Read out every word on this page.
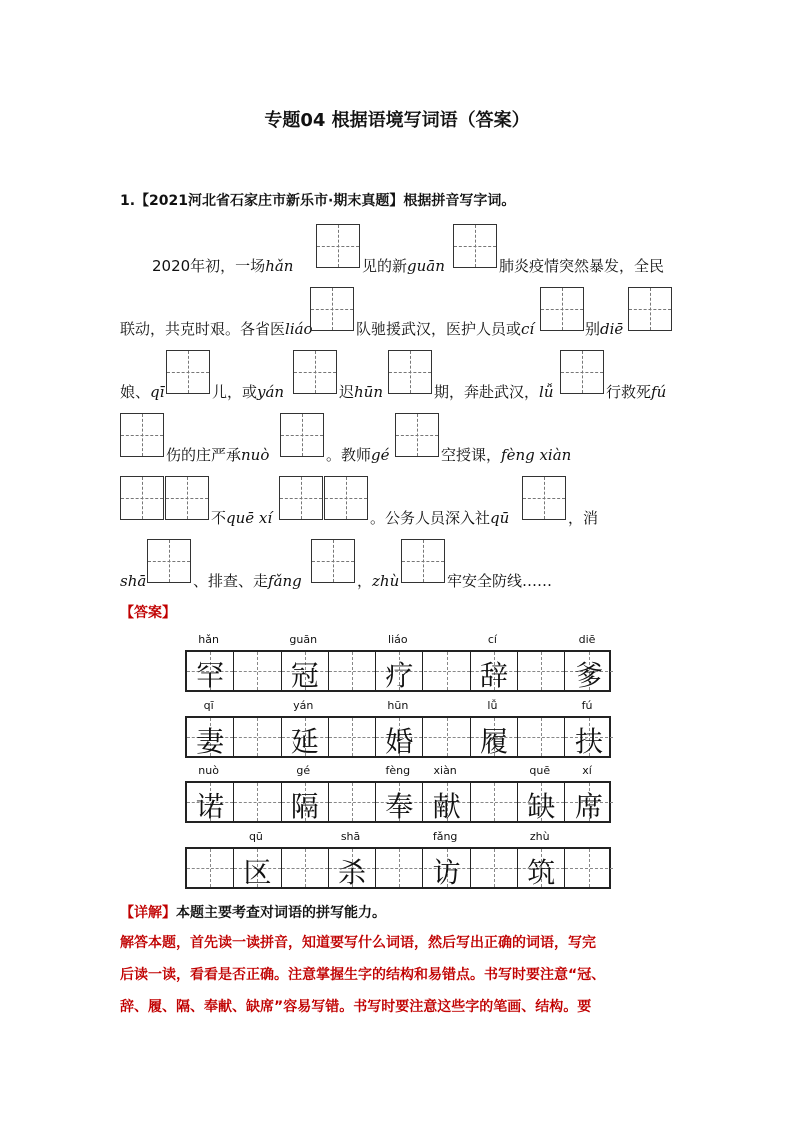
专题04 根据语境写词语（答案）
1.【2021河北省石家庄市新乐市·期末真题】根据拼音写字词。
2020年初，一场hǎn	见的新guān	肺炎疫情突然暴发，全民
联动，共克时艰。各省医liáo	队驰援武汉，医护人员或cí	别diē
娘、qī	儿，或yán	迟hūn	期，奔赴武汉，lǚ	行救死fú
伤的庄严承nuò	。教师gé	空授课，fèng xiàn
不quē xí	。公务人员深入社qū	，消
shā	、排查、走fǎng	，zhù	牢安全防线……
【答案】
hǎn	guān	liáo	cí	diē
罕	冠	疗	辞	爹
qī	yán	hūn	lǚ	fú
妻	延	婚	履	扶
nuò	gé	fèng	xiàn	quē	xí
诺	隔	奉 献	缺 席
qū	shā	fǎng	zhù
区	杀	访	筑
【详解】本题主要考查对词语的拼写能力。
解答本题，首先读一读拼音，知道要写什么词语，然后写出正确的词语，写完
后读一读，看看是否正确。注意掌握生字的结构和易错点。书写时要注意“冠、
辞、履、隔、奉献、缺席”容易写错。书写时要注意这些字的笔画、结构。要
